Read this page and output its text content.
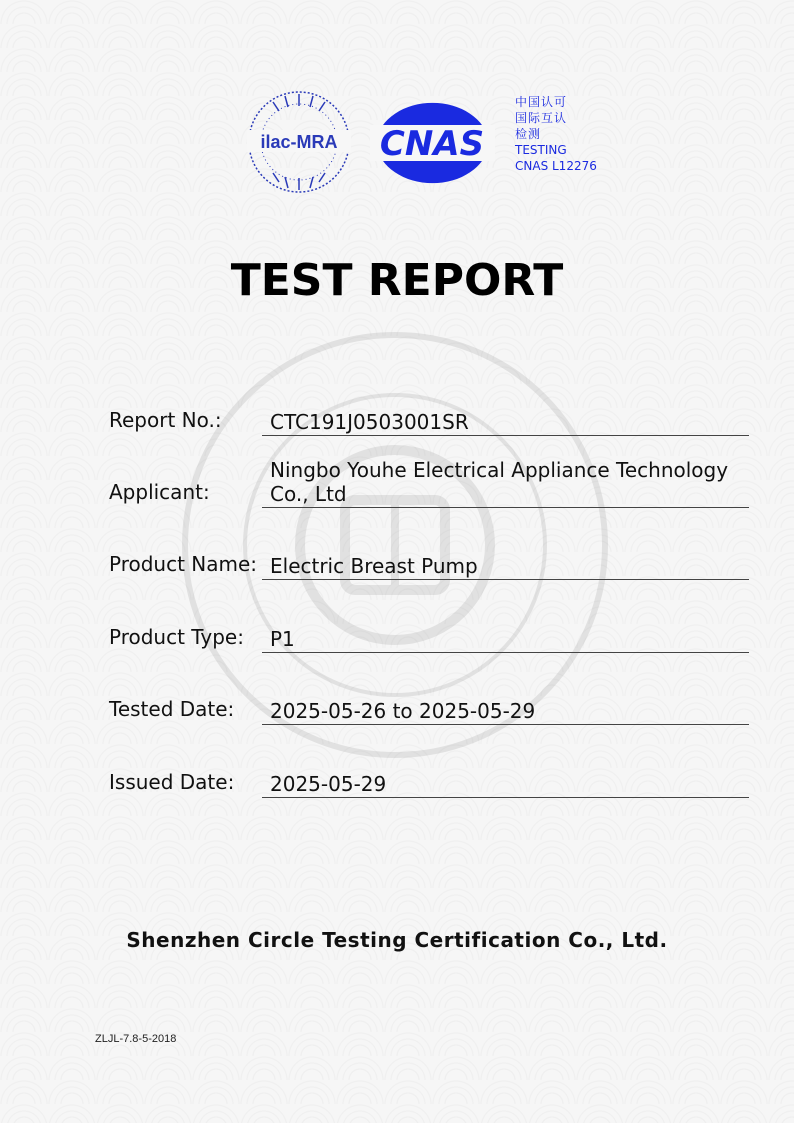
ilac-MRA CNAS
中国认可
国际互认
检测
TESTING
CNAS L12276
TEST REPORT
Report No.:	CTC191J0503001SR
Applicant:
Ningbo Youhe Electrical Appliance Technology
Co., Ltd
Product Name: Electric Breast Pump
Product Type:	P1
Tested Date:	2025-05-26 to 2025-05-29
Issued Date:	2025-05-29
Shenzhen Circle Testing Certification Co., Ltd.
ZLJL-7.8-5-2018
